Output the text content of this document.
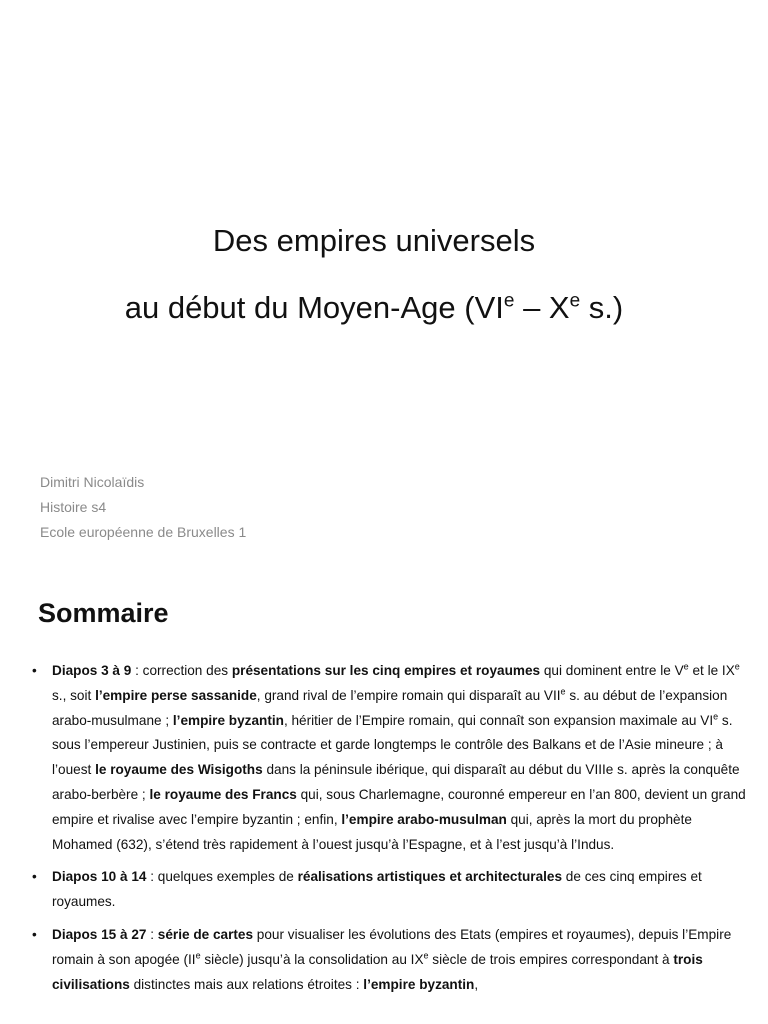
Des empires universels
au début du Moyen-Age (VIe – Xe s.)
Dimitri Nicolaïdis
Histoire s4
Ecole européenne de Bruxelles 1
Sommaire
• Diapos 3 à 9 : correction des présentations sur les cinq empires et royaumes qui dominent entre le Ve et le IXe s., soit l’empire perse sassanide, grand rival de l’empire romain qui disparaît au VIIe s. au début de l’expansion arabo-musulmane ; l’empire byzantin, héritier de l’Empire romain, qui connaît son expansion maximale au VIe s. sous l’empereur Justinien, puis se contracte et garde longtemps le contrôle des Balkans et de l’Asie mineure ; à l’ouest le royaume des Wisigoths dans la péninsule ibérique, qui disparaît au début du VIIIe s. après la conquête arabo-berbère ; le royaume des Francs qui, sous Charlemagne, couronné empereur en l’an 800, devient un grand empire et rivalise avec l’empire byzantin ; enfin, l’empire arabo-musulman qui, après la mort du prophète Mohamed (632), s’étend très rapidement à l’ouest jusqu’à l’Espagne, et à l’est jusqu’à l’Indus.
• Diapos 10 à 14 : quelques exemples de réalisations artistiques et architecturales de ces cinq empires et royaumes.
• Diapos 15 à 27 : série de cartes pour visualiser les évolutions des Etats (empires et royaumes), depuis l’Empire romain à son apogée (IIe siècle) jusqu’à la consolidation au IXe siècle de trois empires correspondant à trois civilisations distinctes mais aux relations étroites : l’empire byzantin,
